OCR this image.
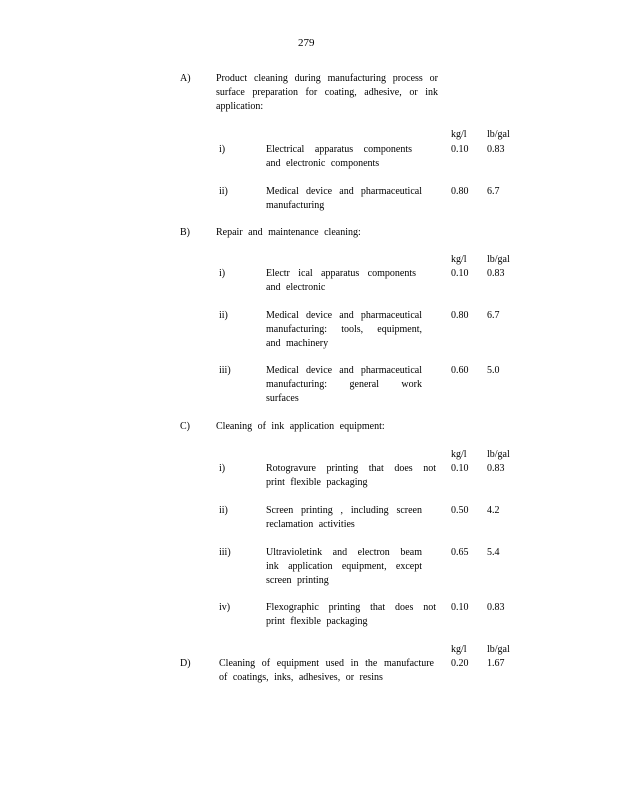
279
A)	Product cleaning during manufacturing process or surface preparation for coating, adhesive, or ink application:
kg/l lb/gal
i)	Electrical apparatus components and electronic components
0.10 0.83
ii)	Medical device and pharmaceutical manufacturing
0.80 6.7
B)	Repair and maintenance cleaning:
kg/l lb/gal
i)	Electr ical apparatus components and electronic
0.10 0.83
ii)	Medical device and pharmaceutical manufacturing: tools, equipment, and machinery
0.80 6.7
iii)	Medical device and pharmaceutical manufacturing: general work surfaces
0.60 5.0
C)	Cleaning of ink application equipment:
kg/l lb/gal
i)	Rotogravure printing that does not print flexible packaging
0.10 0.83
ii)	Screen printing , including screen reclamation activities
0.50 4.2
iii)	Ultravioletink and electron beam ink application equipment, except screen printing
0.65 5.4
iv)	Flexographic printing that does not print flexible packaging
0.10 0.83
kg/l lb/gal
D)	Cleaning of equipment used in the manufacture of coatings, inks, adhesives, or resins
0.20 1.67
